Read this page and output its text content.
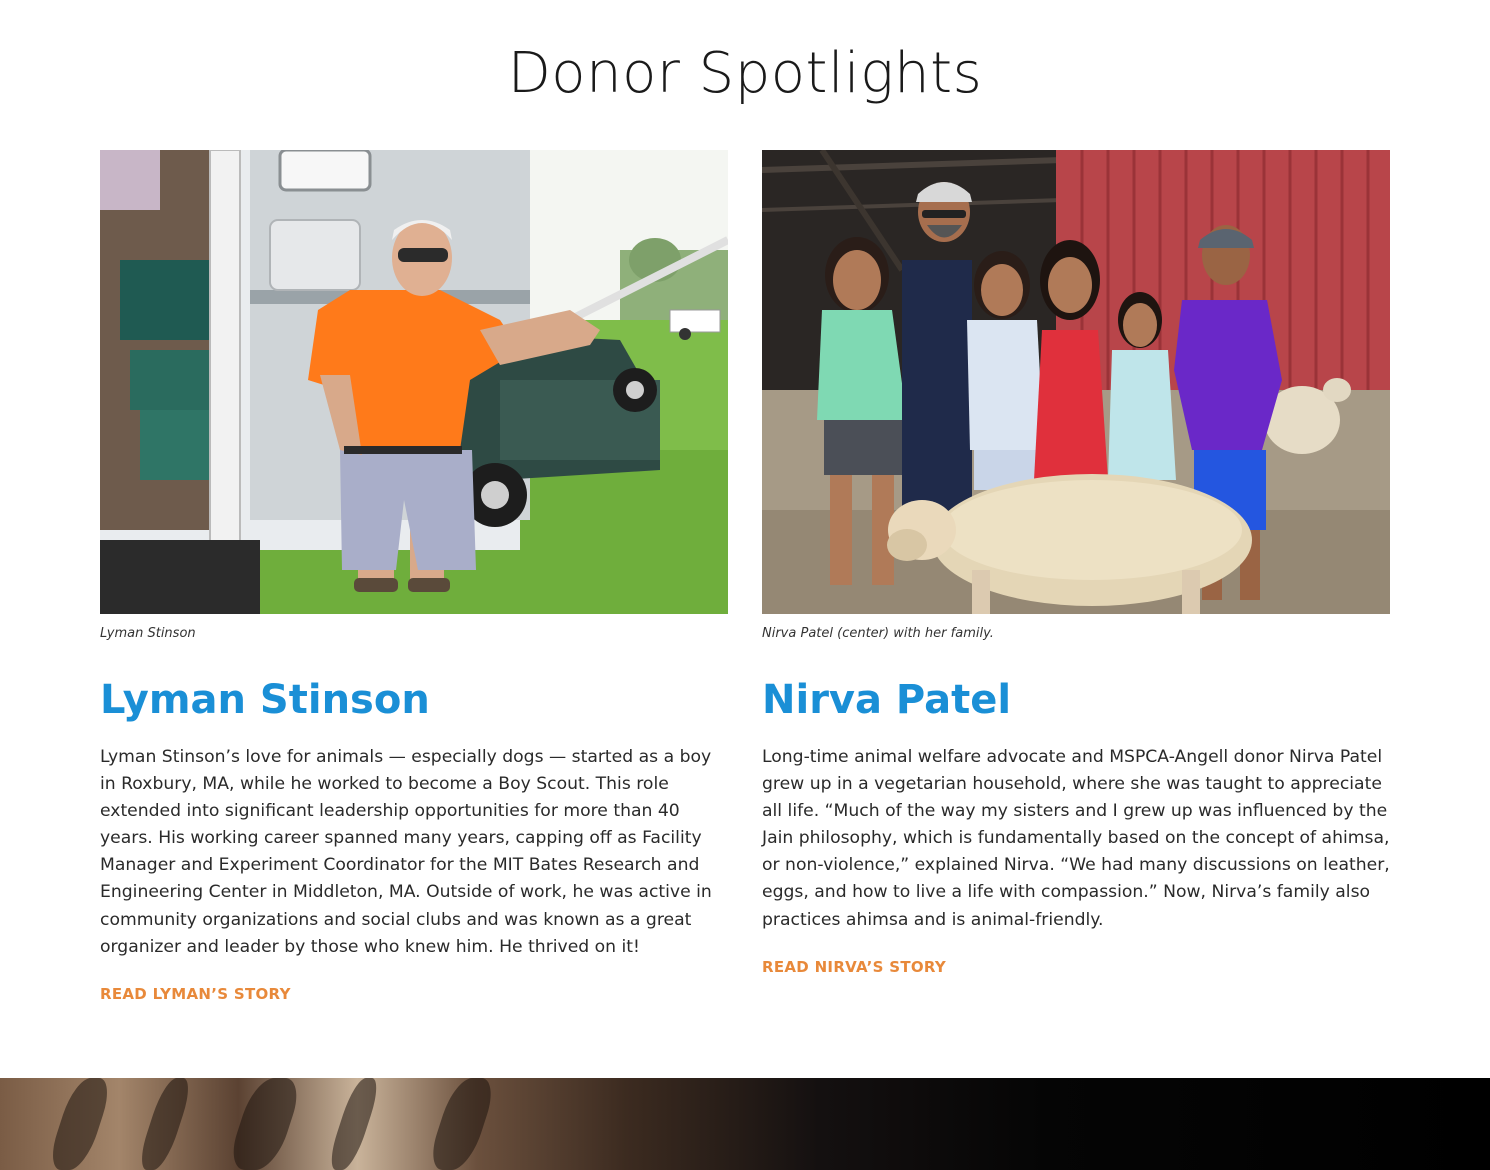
Donor Spotlights
Lyman Stinson
Lyman Stinson
Lyman Stinson’s love for animals — especially dogs — started as a boy in Roxbury, MA, while he worked to become a Boy Scout. This role extended into significant leadership opportunities for more than 40 years. His working career spanned many years, capping off as Facility Manager and Experiment Coordinator for the MIT Bates Research and Engineering Center in Middleton, MA. Outside of work, he was active in community organizations and social clubs and was known as a great organizer and leader by those who knew him. He thrived on it!
READ LYMAN’S STORY
Nirva Patel (center) with her family.
Nirva Patel
Long-time animal welfare advocate and MSPCA-Angell donor Nirva Patel grew up in a vegetarian household, where she was taught to appreciate all life. “Much of the way my sisters and I grew up was influenced by the Jain philosophy, which is fundamentally based on the concept of ahimsa, or non-violence,” explained Nirva. “We had many discussions on leather, eggs, and how to live a life with compassion.” Now, Nirva’s family also practices ahimsa and is animal-friendly.
READ NIRVA’S STORY
